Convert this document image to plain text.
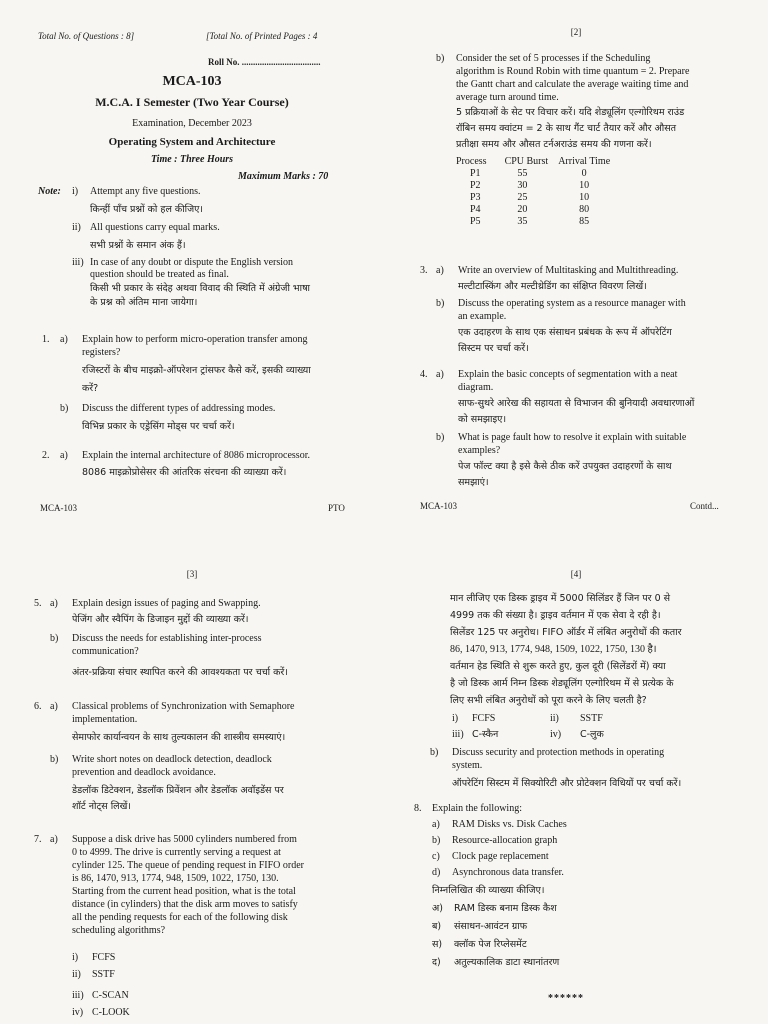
Total No. of Questions : 8]	[Total No. of Printed Pages : 4
Roll No. ...................................
MCA-103
M.C.A. I Semester (Two Year Course)
Examination, December 2023
Operating System and Architecture
Time : Three Hours
Maximum Marks : 70
Note: i) Attempt any five questions.
किन्हीं पाँच प्रश्नों को हल कीजिए।
ii) All questions carry equal marks.
सभी प्रश्नों के समान अंक हैं।
iii) In case of any doubt or dispute the English version
question should be treated as final.
किसी भी प्रकार के संदेह अथवा विवाद की स्थिति में अंग्रेजी भाषा
के प्रश्न को अंतिम माना जायेगा।
1. a) Explain how to perform micro-operation transfer among
registers?
रजिस्टरों के बीच माइक्रो-ऑपरेशन ट्रांसफर कैसे करें, इसकी व्याख्या
करें?
b) Discuss the different types of addressing modes.
विभिन्न प्रकार के एड्रेसिंग मोड्स पर चर्चा करें।
2. a) Explain the internal architecture of 8086 microprocessor.
8086 माइक्रोप्रोसेसर की आंतरिक संरचना की व्याख्या करें।
MCA-103	PTO
[2]
b) Consider the set of 5 processes if the Scheduling
algorithm is Round Robin with time quantum = 2. Prepare
the Gantt chart and calculate the average waiting time and
average turn around time.
5 प्रक्रियाओं के सेट पर विचार करें। यदि शेड्यूलिंग एल्गोरिथम राउंड
रॉबिन समय क्वांटम = 2 के साथ गैंट चार्ट तैयार करें और औसत
प्रतीक्षा समय और औसत टर्नअराउंड समय की गणना करें।
Process	CPU Burst	Arrival Time
P1	55	0
P2	30	10
P3	25	10
P4	20	80
P5	35	85
3. a) Write an overview of Multitasking and Multithreading.
मल्टीटास्किंग और मल्टीथ्रेडिंग का संक्षिप्त विवरण लिखें।
b) Discuss the operating system as a resource manager with
an example.
एक उदाहरण के साथ एक संसाधन प्रबंधक के रूप में ऑपरेटिंग
सिस्टम पर चर्चा करें।
4. a) Explain the basic concepts of segmentation with a neat
diagram.
साफ-सुथरे आरेख की सहायता से विभाजन की बुनियादी अवधारणाओं
को समझाइए।
b) What is page fault how to resolve it explain with suitable
examples?
पेज फॉल्ट क्या है इसे कैसे ठीक करें उपयुक्त उदाहरणों के साथ
समझाएं।
MCA-103	Contd...
[3]
5. a) Explain design issues of paging and Swapping.
पेजिंग और स्वैपिंग के डिजाइन मुद्दों की व्याख्या करें।
b) Discuss the needs for establishing inter-process
communication?
अंतर-प्रक्रिया संचार स्थापित करने की आवश्यकता पर चर्चा करें।
6. a) Classical problems of Synchronization with Semaphore
implementation.
सेमाफोर कार्यान्वयन के साथ तुल्यकालन की शास्त्रीय समस्याएं।
b) Write short notes on deadlock detection, deadlock
prevention and deadlock avoidance.
डेडलॉक डिटेक्शन, डेडलॉक प्रिवेंशन और डेडलॉक अवॉइडेंस पर
शॉर्ट नोट्स लिखें।
7. a) Suppose a disk drive has 5000 cylinders numbered from
0 to 4999. The drive is currently serving a request at
cylinder 125. The queue of pending request in FIFO order
is 86, 1470, 913, 1774, 948, 1509, 1022, 1750, 130.
Starting from the current head position, what is the total
distance (in cylinders) that the disk arm moves to satisfy
all the pending requests for each of the following disk
scheduling algorithms?
i) FCFS
ii) SSTF
iii) C-SCAN
iv) C-LOOK
[4]
मान लीजिए एक डिस्क ड्राइव में 5000 सिलिंडर हैं जिन पर 0 से
4999 तक की संख्या है। ड्राइव वर्तमान में एक सेवा दे रही है।
सिलेंडर 125 पर अनुरोध। FIFO ऑर्डर में लंबित अनुरोधों की कतार
86, 1470, 913, 1774, 948, 1509, 1022, 1750, 130 है।
वर्तमान हेड स्थिति से शुरू करते हुए, कुल दूरी (सिलेंडरों में) क्या
है जो डिस्क आर्म निम्न डिस्क शेड्यूलिंग एल्गोरिथम में से प्रत्येक के
लिए सभी लंबित अनुरोधों को पूरा करने के लिए चलती है?
i) FCFS	ii) SSTF
iii) C-स्कैन	iv) C-लुक
b) Discuss security and protection methods in operating
system.
ऑपरेटिंग सिस्टम में सिक्योरिटी और प्रोटेक्शन विधियों पर चर्चा करें।
8. Explain the following:
a) RAM Disks vs. Disk Caches
b) Resource-allocation graph
c) Clock page replacement
d) Asynchronous data transfer.
निम्नलिखित की व्याख्या कीजिए।
अ) RAM डिस्क बनाम डिस्क कैश
ब) संसाधन-आवंटन ग्राफ
स) क्लॉक पेज रिप्लेसमेंट
द) अतुल्यकालिक डाटा स्थानांतरण
******
